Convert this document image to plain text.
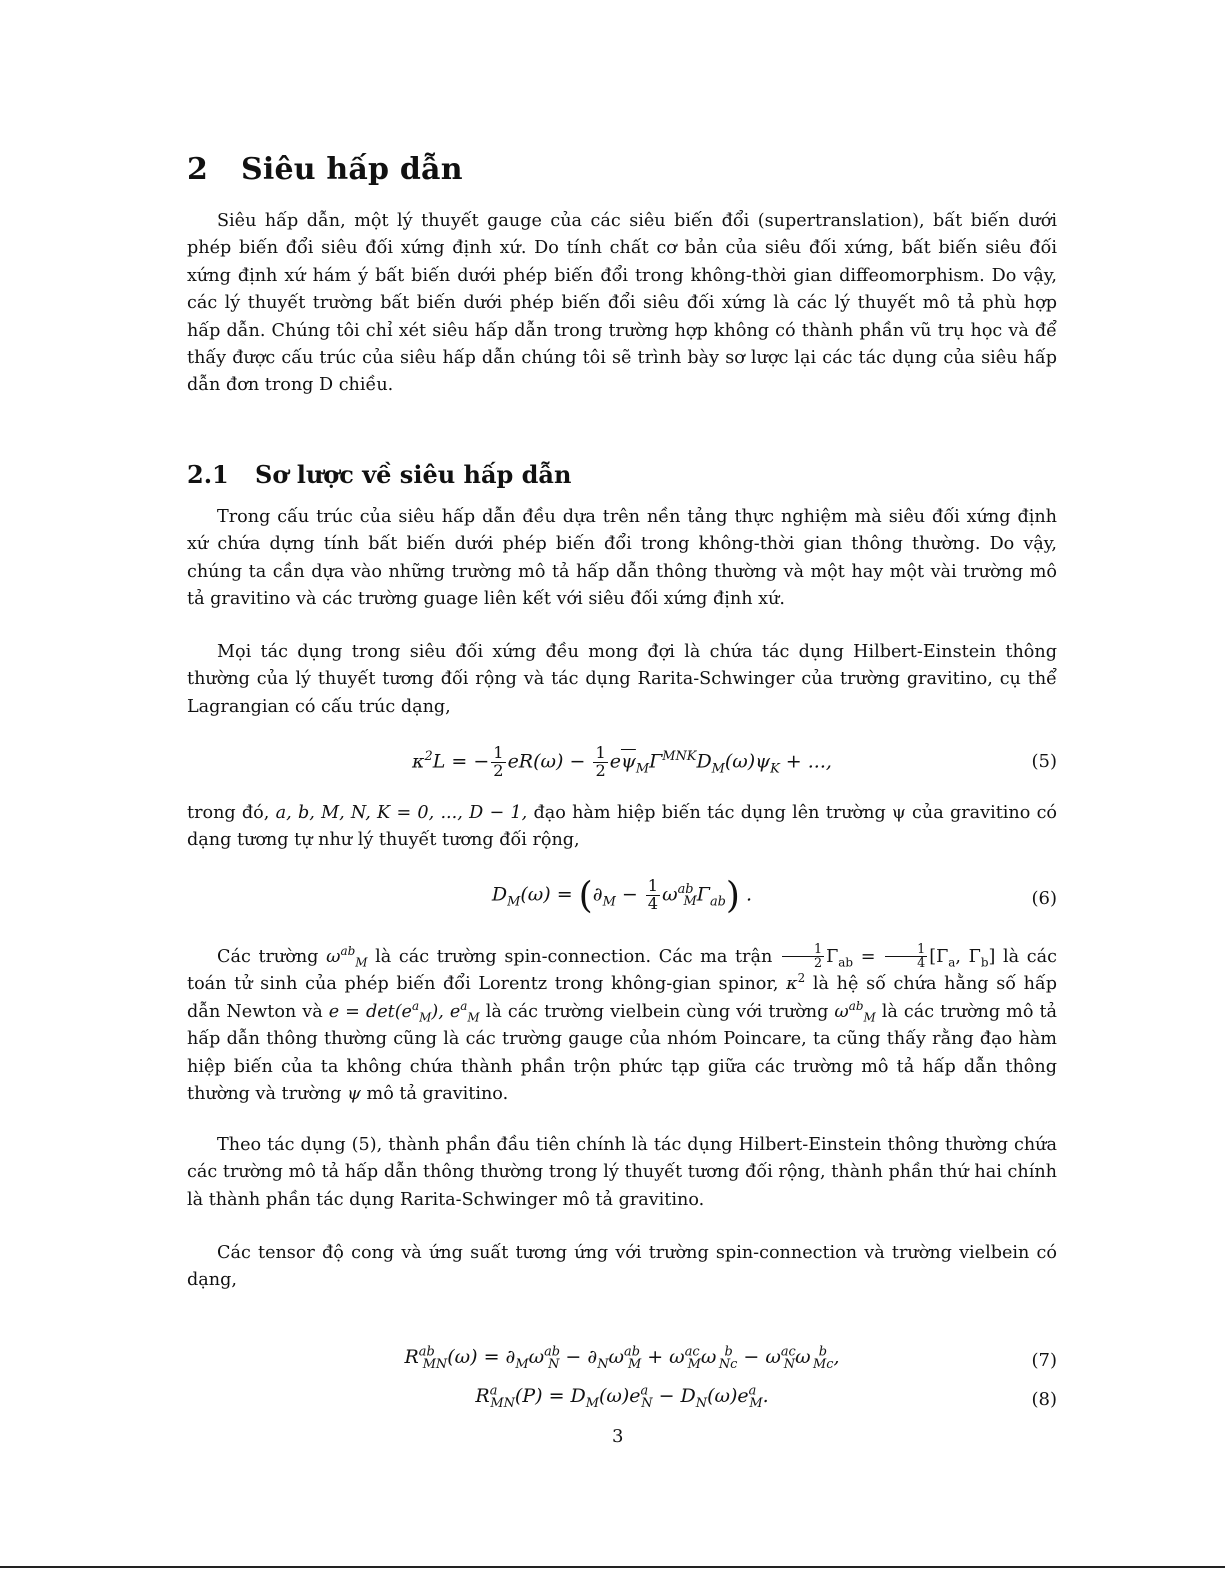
2 Siêu hấp dẫn

Siêu hấp dẫn, một lý thuyết gauge của các siêu biến đổi (supertranslation), bất biến dưới phép biến đổi siêu đối xứng định xứ. Do tính chất cơ bản của siêu đối xứng, bất biến siêu đối xứng định xứ hám ý bất biến dưới phép biến đổi trong không-thời gian diffeomorphism. Do vậy, các lý thuyết trường bất biến dưới phép biến đổi siêu đối xứng là các lý thuyết mô tả phù hợp hấp dẫn. Chúng tôi chỉ xét siêu hấp dẫn trong trường hợp không có thành phần vũ trụ học và để thấy được cấu trúc của siêu hấp dẫn chúng tôi sẽ trình bày sơ lược lại các tác dụng của siêu hấp dẫn đơn trong D chiều.

2.1 Sơ lược về siêu hấp dẫn

Trong cấu trúc của siêu hấp dẫn đều dựa trên nền tảng thực nghiệm mà siêu đối xứng định xứ chứa dựng tính bất biến dưới phép biến đổi trong không-thời gian thông thường. Do vậy, chúng ta cần dựa vào những trường mô tả hấp dẫn thông thường và một hay một vài trường mô tả gravitino và các trường guage liên kết với siêu đối xứng định xứ.

Mọi tác dụng trong siêu đối xứng đều mong đợi là chứa tác dụng Hilbert-Einstein thông thường của lý thuyết tương đối rộng và tác dụng Rarita-Schwinger của trường gravitino, cụ thể Lagrangian có cấu trúc dạng,

$\kappa^2L$ = − $\frac{1}{2} eR(\omega) - \frac{1}{2} e\overline{\psi}_M\Gamma^{MNK}D_M(\omega)\psi_K$ + ...,	(5)

trong đó, a, b, M, N, K = 0, ..., D − 1, đạo hàm hiệp biến tác dụng lên trường ψ của gravitino có dạng tương tự như lý thuyết tương đối rộng,

$D_M(\omega) = (\partial_M - \frac{1}{4} \omega^{ab}_M\Gamma_{ab})$ .	(6)

Các trường $\omega^{ab}_M$ là các trường spin-connection. Các ma trận $\frac{1}{2} \Gamma_{ab} = \frac{1}{4} [\Gamma_a$, $\Gamma_b$] là các toán tử sinh của phép biến đổi Lorentz trong không-gian spinor, $\kappa^2$ là hệ số chứa hằng số hấp dẫn Newton và $e = \det(e^a_M)$, $e^a_M$ là các trường vielbein cùng với trường $\omega^{ab}_M$ là các trường mô tả hấp dẫn thông thường cũng là các trường gauge của nhóm Poincare, ta cũng thấy rằng đạo hàm hiệp biến của ta không chứa thành phần trộn phức tạp giữa các trường mô tả hấp dẫn thông thường và trường ψ mô tả gravitino.

Theo tác dụng (5), thành phần đầu tiên chính là tác dụng Hilbert-Einstein thông thường chứa các trường mô tả hấp dẫn thông thường trong lý thuyết tương đối rộng, thành phần thứ hai chính là thành phần tác dụng Rarita-Schwinger mô tả gravitino.

Các tensor độ cong và ứng suất tương ứng với trường spin-connection và trường vielbein có dạng,

$R^{ab}_{MN}(\omega) = \partial_M\omega^{ab}_N - \partial_N\omega^{ab}_M + \omega^{ac}_M\omega$  $^b_{Nc} - \omega^{ac}_N\omega$  $^b_{Mc}$,	(7)
$R^a_{MN}(P) = D_M(\omega)e^a_N - D_N(\omega)e^a_M$.	(8)
3
